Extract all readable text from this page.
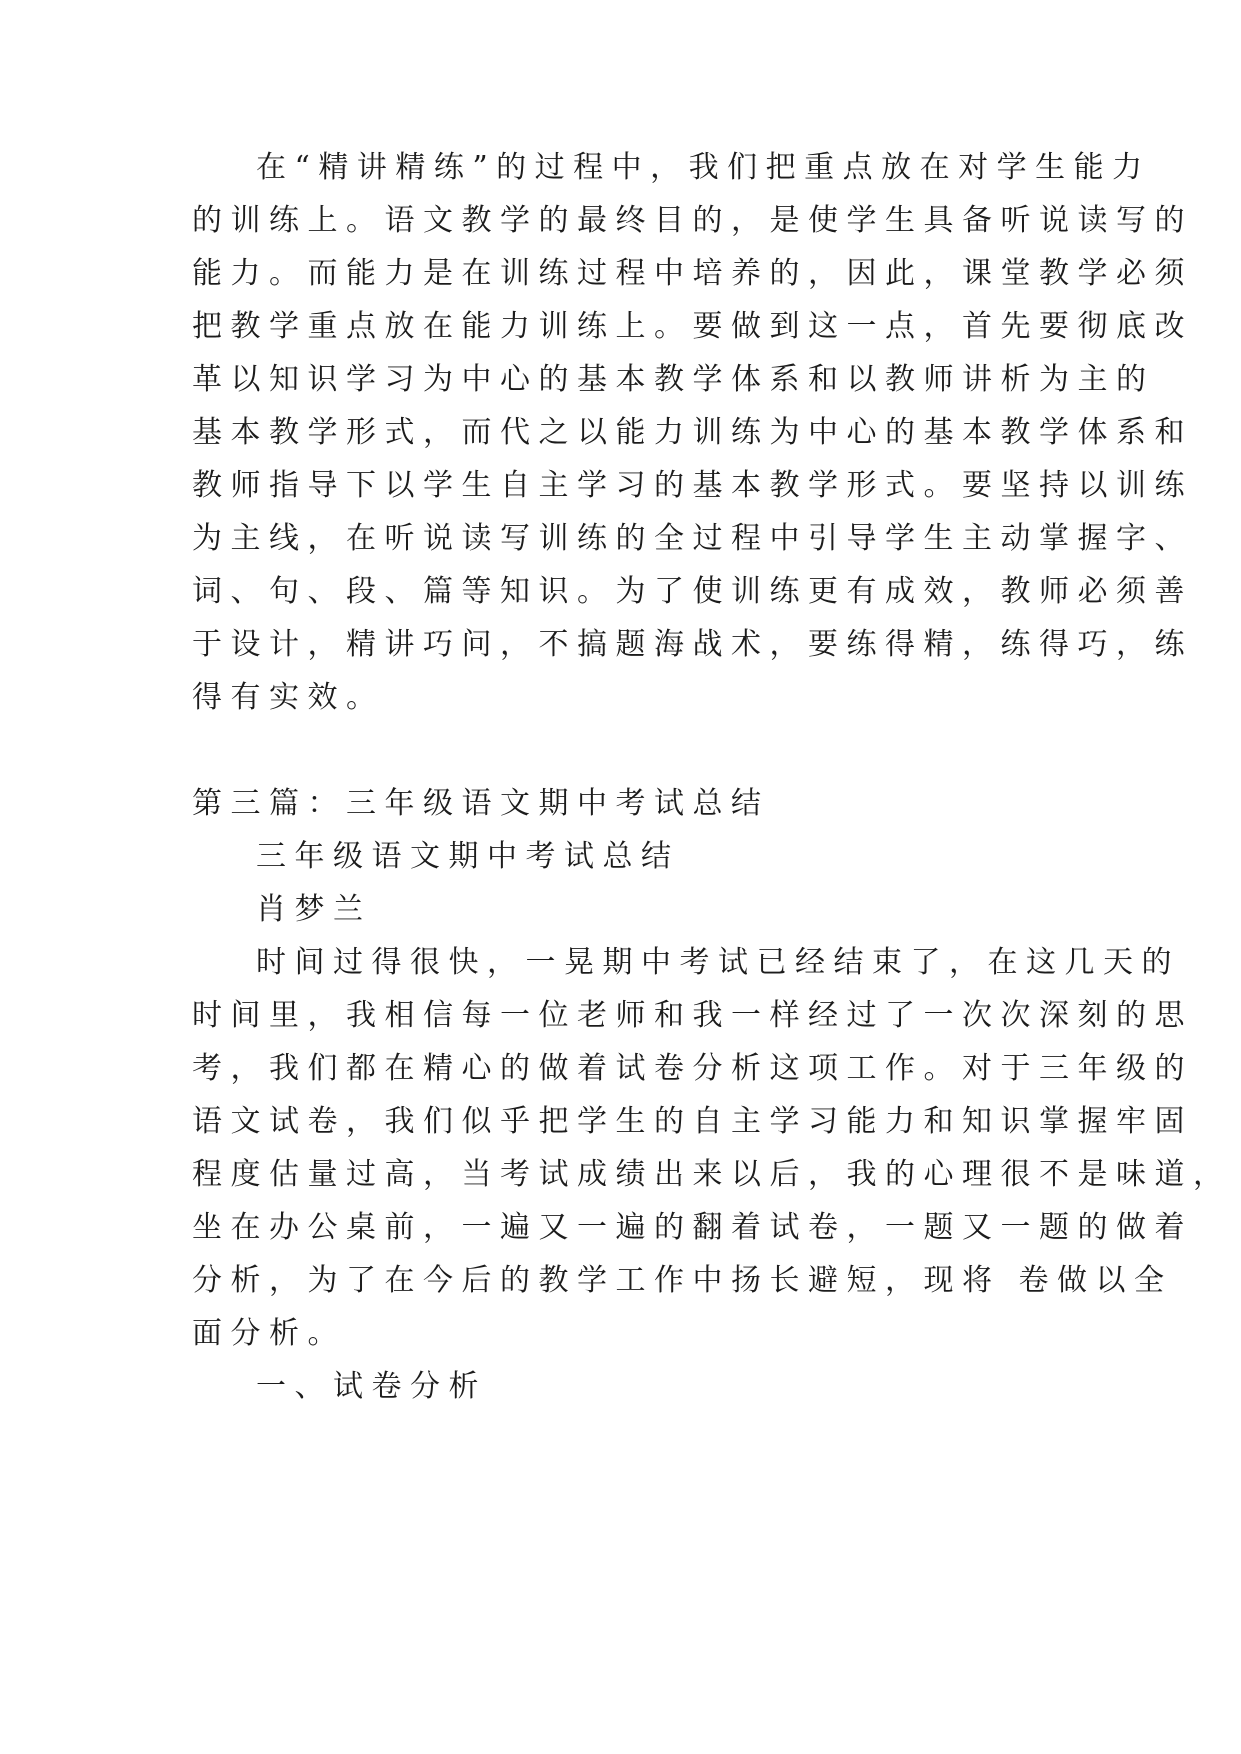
在“精讲精练”的过程中，我们把重点放在对学生能力
的训练上。语文教学的最终目的，是使学生具备听说读写的
能力。而能力是在训练过程中培养的，因此，课堂教学必须
把教学重点放在能力训练上。要做到这一点，首先要彻底改
革以知识学习为中心的基本教学体系和以教师讲析为主的
基本教学形式，而代之以能力训练为中心的基本教学体系和
教师指导下以学生自主学习的基本教学形式。要坚持以训练
为主线，在听说读写训练的全过程中引导学生主动掌握字、
词、句、段、篇等知识。为了使训练更有成效，教师必须善
于设计，精讲巧问，不搞题海战术，要练得精，练得巧，练
得有实效。
第三篇：三年级语文期中考试总结
三年级语文期中考试总结
肖梦兰
时间过得很快，一晃期中考试已经结束了，在这几天的
时间里，我相信每一位老师和我一样经过了一次次深刻的思
考，我们都在精心的做着试卷分析这项工作。对于三年级的
语文试卷，我们似乎把学生的自主学习能力和知识掌握牢固
程度估量过高，当考试成绩出来以后，我的心理很不是味道，
坐在办公桌前，一遍又一遍的翻着试卷，一题又一题的做着
分析，为了在今后的教学工作中扬长避短，现将 卷做以全
面分析。
一、试卷分析
